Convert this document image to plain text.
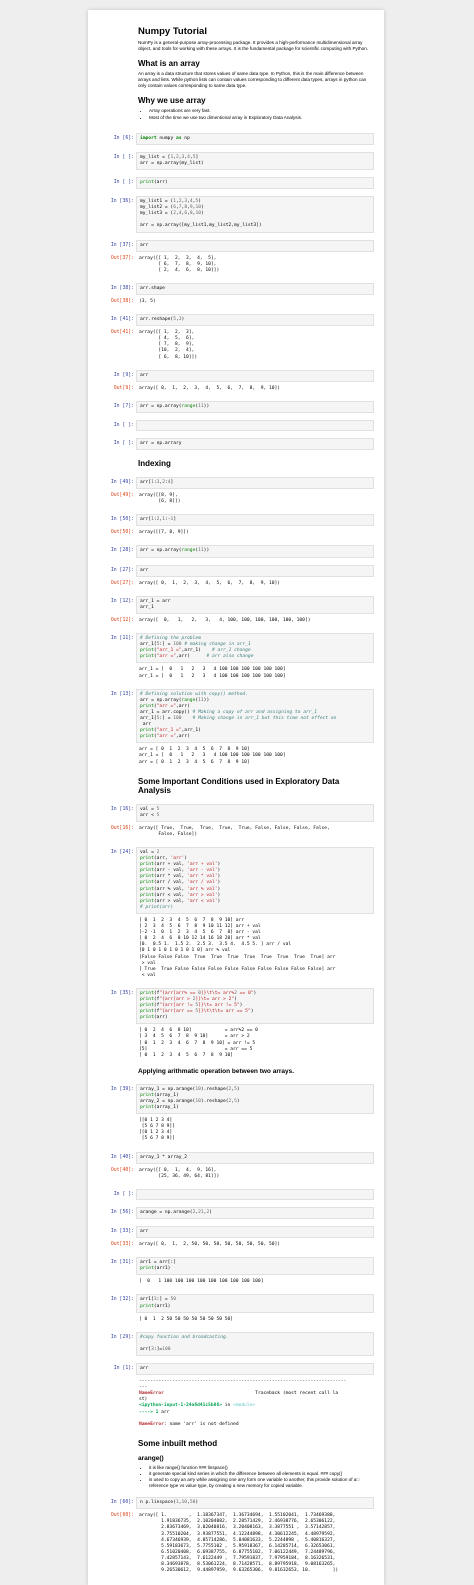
Numpy Tutorial

NumPy is a general-purpose array-processing package. It provides a high-performance multidimensional array object, and tools for working with these arrays. It is the fundamental package for scientific computing with Python.

What is an array

An array is a data structure that stores values of same data type. In Python, this is the main difference between arrays and lists. While python lists can contain values corresponding to different data types, arrays in python can only contain values corresponding to same data type.

Why we use array
• Array operations are very fast.
• Most of the time we use two dimentional array in Exploratory Data Analysis.
In [6]:	import numpy as np
In [ ]:	my_list = [1,2,3,4,5]
arr = np.array(my_list)
In [ ]:	print(arr)
In [36]:	my_list1 = (1,2,3,4,5)
my_list2 = (6,7,8,9,10)
my_list3 = (2,4,6,8,10)

arr = np.array([my_list1,my_list2,my_list3])
In [37]:	arr
Out[37]:	array([[ 1,  2,  3,  4,  5],
[ 6,  7,  8,  9, 10],
[ 2,  4,  6,  8, 10]])
In [38]:	arr.shape
Out[38]:	(3, 5)
In [41]:	arr.reshape(5,3)
Out[41]:	array([[ 1,  2,  3],
[ 4,  5,  6],
[ 7,  8,  9],
[10,  2,  4],
[ 6,  8, 10]])
In [9]:	arr
Out[9]:	array([ 0,  1,  2,  3,  4,  5,  6,  7,  8,  9, 10])
In [7]:	arr = np.array(range(11))
In [ ]:
In [ ]:	arr = np.arrary
Indexing
In [49]:	arr[1:3,2:4]
Out[49]:	array([[8, 9],
[6, 8]])
In [50]:	arr[1:2,1:-1]
Out[50]:	array([[7, 8, 9]])
In [28]:	arr = np.array(range(11))
In [27]:	arr
Out[27]:	array([ 0,  1,  2,  3,  4,  5,  6,  7,  8,  9, 10])
In [12]:	arr_1 = arr
arr_1
Out[12]:	array([  0,   1,   2,   3,   4, 100, 100, 100, 100, 100, 100])
In [11]:	# Defining the problem
arr_1[5:] = 100 # making change in arr_1
print("arr_1 =",arr_1)    # arr_1 change
print("arr =",arr)      # arr also change
arr_1 = [  0   1   2   3   4 100 100 100 100 100 100]
arr_1 = [  0   1   2   3   4 100 100 100 100 100 100]
In [13]:	# Defining solution with copy() method.
arr = np.array(range(11))
print("arr =",arr)
arr_1 = arr.copy() # Making a copy of arr and assigning to arr_1
arr_1[5:] = 100 # Making change in arr_1 but this time not effect on
arr
print("arr_1 =",arr_1)
print("arr =",arr)
arr = [ 0  1  2  3  4  5  6  7  8  9 10]
arr_1 = [  0   1   2   3   4 100 100 100 100 100 100]
arr = [ 0  1  2  3  4  5  6  7  8  9 10]
Some Important Conditions used in Exploratory Data Analysis
In [16]:	val = 5
arr < 5
Out[16]:	array([ True,  True,  True,  True,  True, False, False, False, False,
False, False])
In [24]:	val = 2
print(arr, 'arr')
print(arr + val, 'arr + val')
print(arr - val, 'arr - val')
print(arr * val, 'arr * val')
print(arr / val, 'arr / val')
print(arr % val, 'arr % val')
print(arr < val, 'arr > val')
print(arr > val, 'arr < val')
# print(arr)
[ 0  1  2  3  4  5  6  7  8  9 10] arr
[ 2  3  4  5  6  7  8  9 10 11 12] arr + val
[-2 -1  0  1  2  3  4  5  6  7  8] arr - val
[ 0  2  4  6  8 10 12 14 16 18 20] arr * val
[0.  0.5 1.  1.5 2.  2.5 3.  3.5 4.  4.5 5. ] arr / val
[0 1 0 1 0 1 0 1 0 1 0] arr % val
[False False False  True  True  True  True  True  True  True  True] arr
> val
[ True  True False False False False False False False False False] arr
< val
In [35]:	print(f"{arr[arr% == 0]}\t\t= arr%2 == 0")
print(f"{arr[arr > 2]}\t= arr > 2")
print(f"{arr[arr != 5]}\t= arr != 5")
print(f"{arr[arr == 5]}\t\t\t= arr == 5")
print(arr)
[ 0  2  4  6  8 10]            = arr%2 == 0
[ 3  4  5  6  7  8  9 10]      = arr > 2
[ 0  1  2  3  4  6  7  8  9 10] = arr != 5
[5]                            = arr == 5
[ 0  1  2  3  4  5  6  7  8  9 10]
Applying arithmatic operation between two arrays.
In [39]:	array_1 = np.arange(10).reshape(2,5)
print(array_1)
array_2 = np.arange(10).reshape(2,5)
print(array_1)
[[0 1 2 3 4]
[5 6 7 8 9]]
[[0 1 2 3 4]
[5 6 7 8 9]]
In [40]:	array_1 * array_2
Out[40]:	array([[ 0,  1,  4,  9, 16],
[25, 36, 49, 64, 81]])
In [ ]:
In [56]:	arange = np.arange(2,21,2)
In [33]:	arr
Out[33]:	array([ 0,  1,  2, 50, 50, 50, 50, 50, 50, 50, 50])
In [31]:	arr1 = arr[:]
print(arr1)
[  0   1 100 100 100 100 100 100 100 100 100]
In [32]:	arr1[3:] = 50
print(arr1)
[ 0  1  2 50 50 50 50 50 50 50 50]
In [29]:	#copy function and broadcasting.

arr[3:]=100
In [1]:	arr
---------------------------------------------------------------------------
---
NameError	Traceback (most recent call la
st)
<ipython-input-1-24a6d41c5b86> in <module>
----> 1 arr

NameError: name 'arr' is not defined
Some inbuilt method
arange()
• it is like range() function ### linspace()
• it generate special kind series in which the difference between all elements is equal. ### copy()
• is used to copy an arry while assigning one arry form one variable to another, this provide solution of a□ reference type vs value type, by creating a new memory for copied variable.
In [60]:	n p.linspace(1,10,50)
Out[60]:	array([ 1.        ,  1.18367347,  1.36734694,  1.55102041,  1.73469388,
1.91836735,  2.10204082,  2.28571429,  2.46938776,  2.65306122,
2.83673469,  3.02040816,  3.20408163,  3.3877551 ,  3.57142857,
3.75510204,  3.93877551,  4.12244898,  4.30612245,  4.48979592,
4.67346939,  4.85714286,  5.04081633,  5.2244898 ,  5.40816327,
5.59183673,  5.7755102 ,  5.95918367,  6.14285714,  6.32653061,
6.51020408,  6.69387755,  6.87755102,  7.06122449,  7.24489796,
7.42857143,  7.6122449 ,  7.79591837,  7.97959184,  8.16326531,
8.34693878,  8.53061224,  8.71428571,  8.89795918,  9.08163265,
9.26530612,  9.44897959,  9.63265306,  9.81632653, 10.        ])
